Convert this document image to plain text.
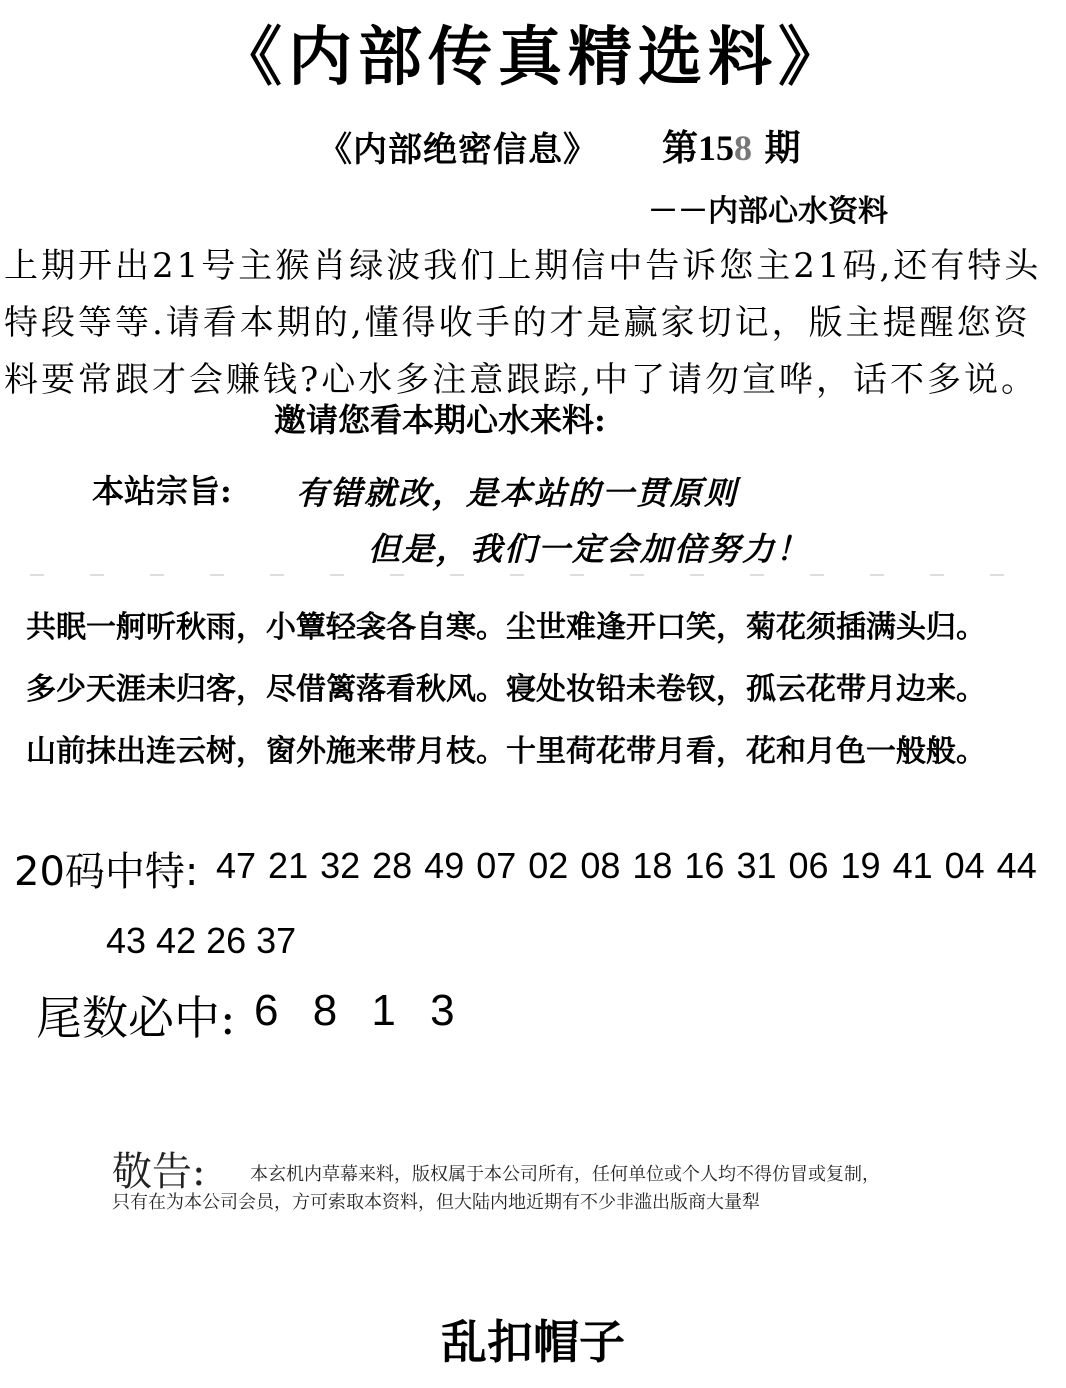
《内部传真精选料》
《内部绝密信息》 第158 期
－－内部心水资料
上期开出21号主猴肖绿波我们上期信中告诉您主21码,还有特头特段等等.请看本期的,懂得收手的才是赢家切记，版主提醒您资料要常跟才会赚钱?心水多注意跟踪,中了请勿宣哗，话不多说。
邀请您看本期心水来料:
本站宗旨: 有错就改，是本站的一贯原则
但是，我们一定会加倍努力！
共眠一舸听秋雨，小簟轻衾各自寒。尘世难逢开口笑，菊花须插满头归。
多少天涯未归客，尽借篱落看秋风。寝处妆铅未卷钗，孤云花带月边来。
山前抹出连云树，窗外施来带月枝。十里荷花带月看，花和月色一般般。
20码中特: 47 21 32 28 49 07 02 08 18 16 31 06 19 41 04 44
43 42 26 37
尾数必中: 6 8 1 3
敬告: 本玄机内草幕来料，版权属于本公司所有，任何单位或个人均不得仿冒或复制，
只有在为本公司会员，方可索取本资料，但大陆内地近期有不少非滥出版商大量犁
乱扣帽子
